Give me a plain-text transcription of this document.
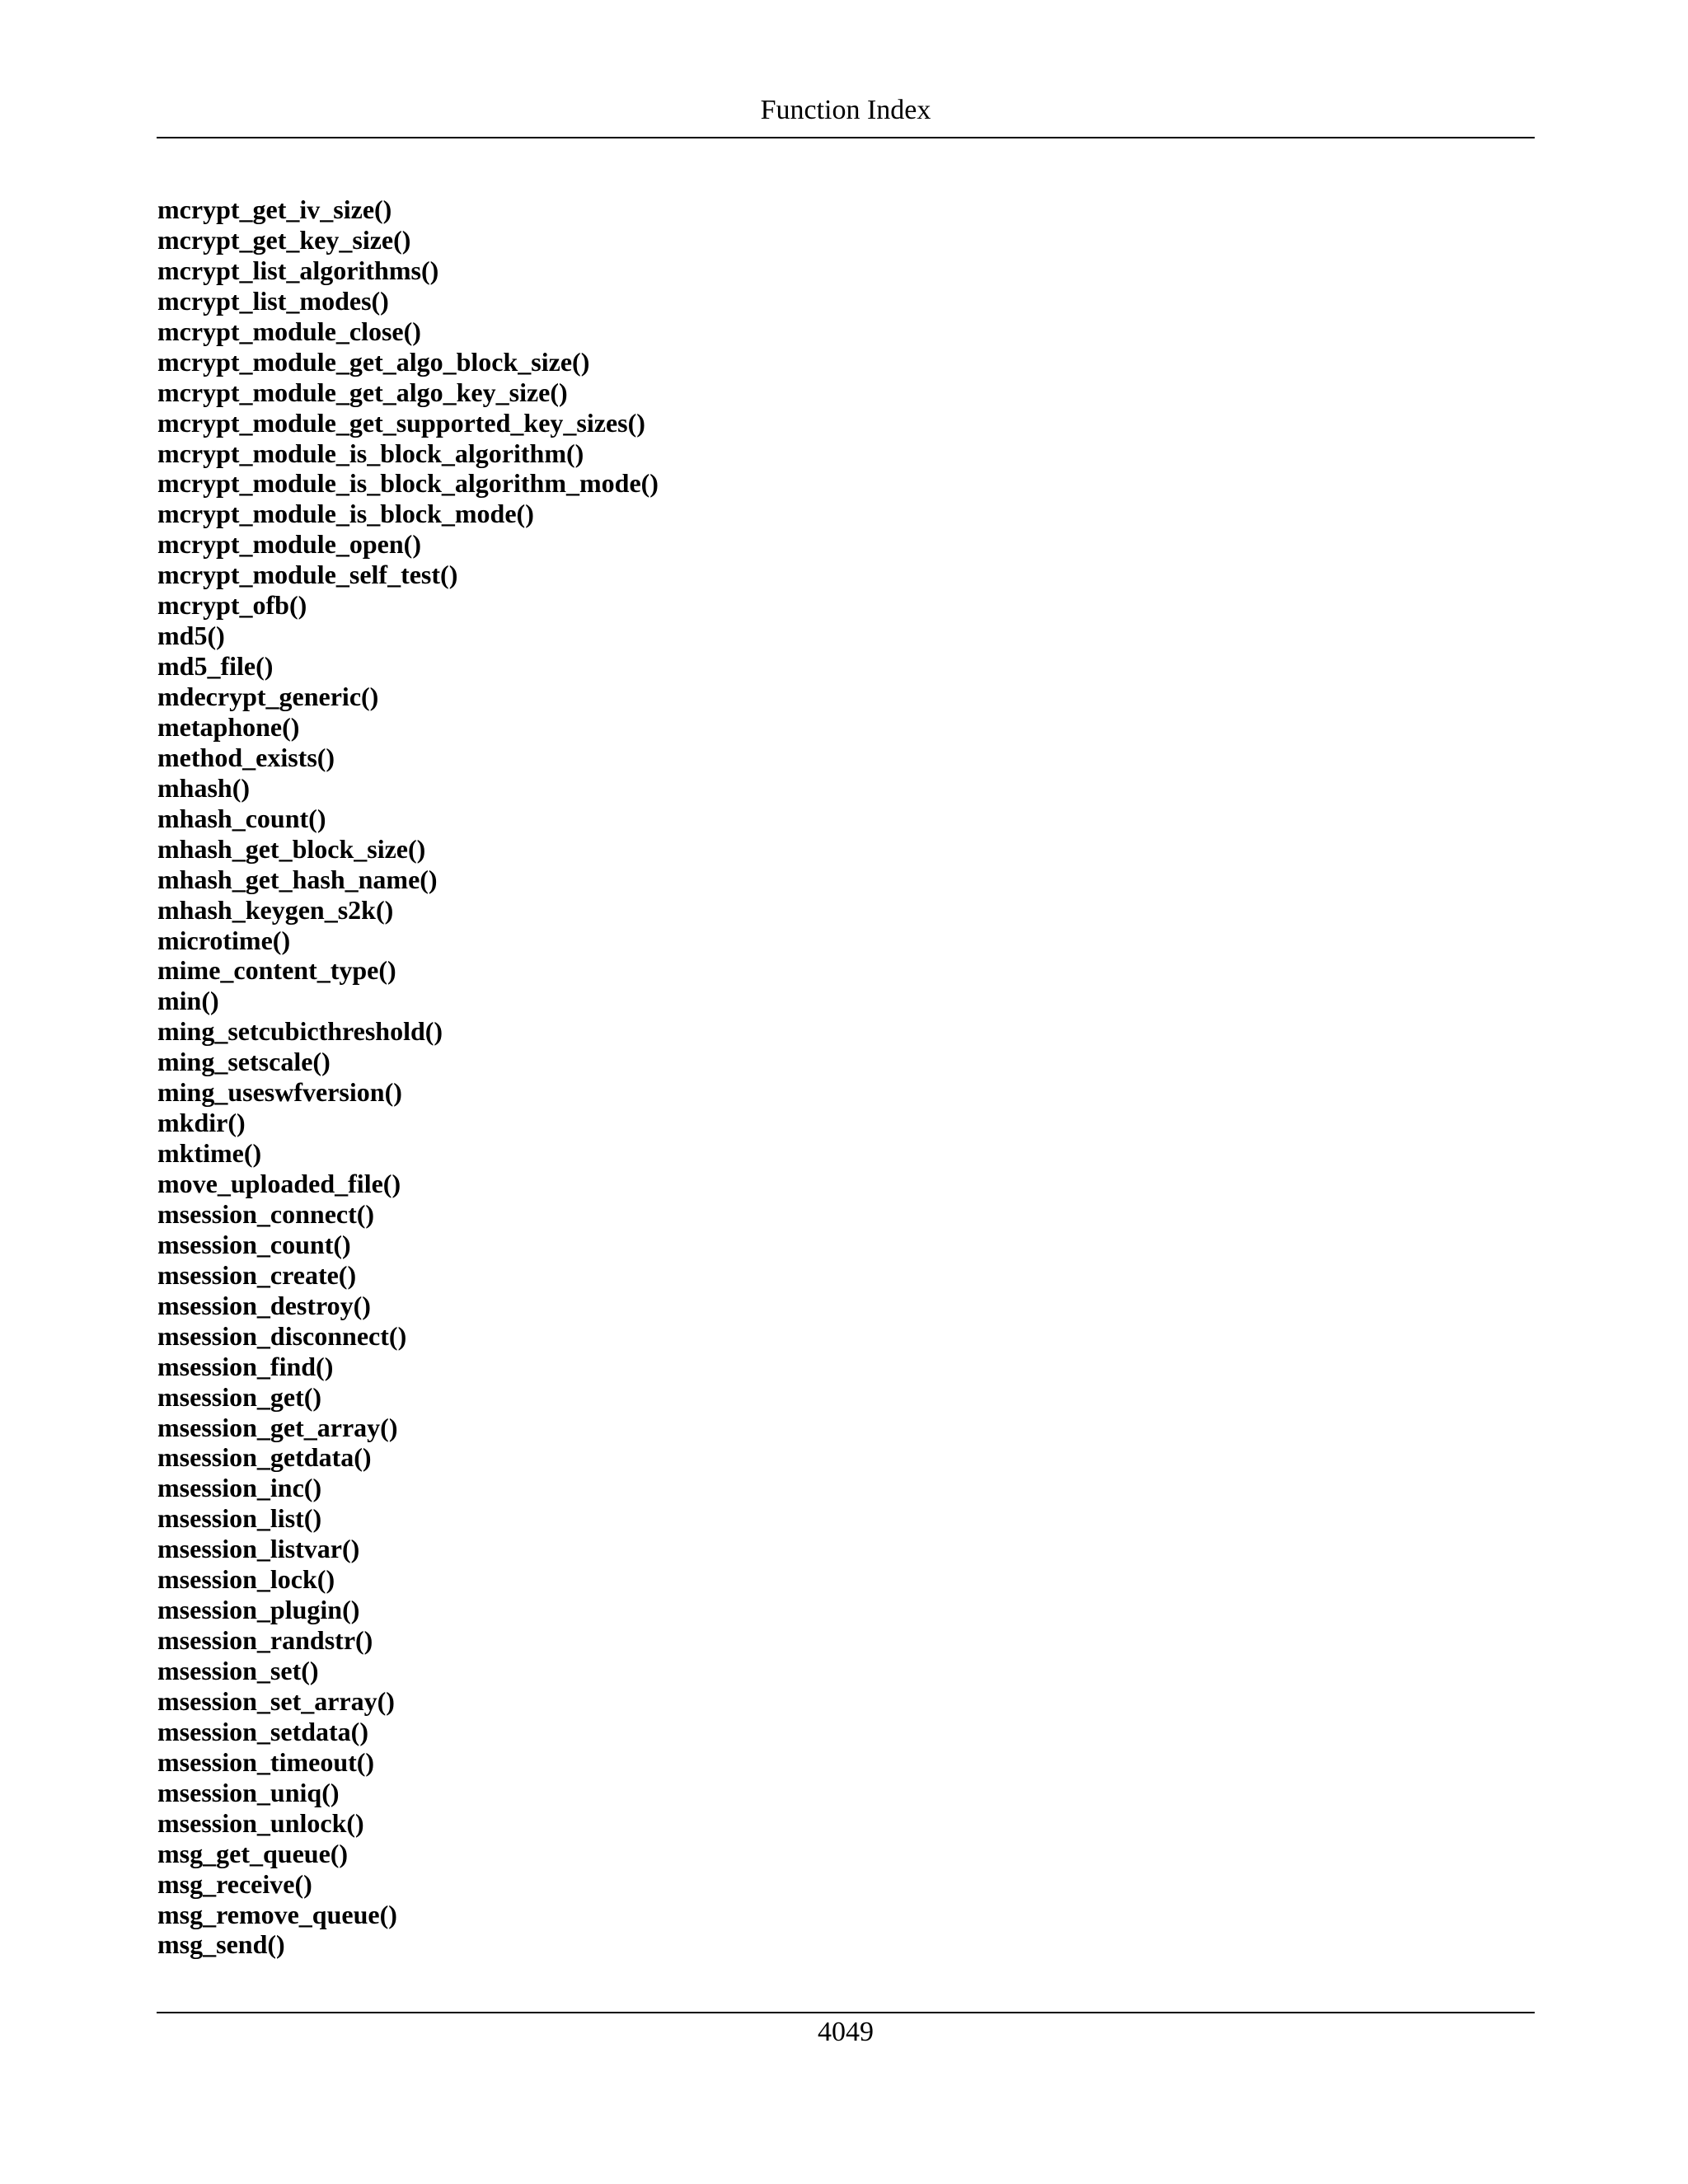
Function Index
mcrypt_get_iv_size()
mcrypt_get_key_size()
mcrypt_list_algorithms()
mcrypt_list_modes()
mcrypt_module_close()
mcrypt_module_get_algo_block_size()
mcrypt_module_get_algo_key_size()
mcrypt_module_get_supported_key_sizes()
mcrypt_module_is_block_algorithm()
mcrypt_module_is_block_algorithm_mode()
mcrypt_module_is_block_mode()
mcrypt_module_open()
mcrypt_module_self_test()
mcrypt_ofb()
md5()
md5_file()
mdecrypt_generic()
metaphone()
method_exists()
mhash()
mhash_count()
mhash_get_block_size()
mhash_get_hash_name()
mhash_keygen_s2k()
microtime()
mime_content_type()
min()
ming_setcubicthreshold()
ming_setscale()
ming_useswfversion()
mkdir()
mktime()
move_uploaded_file()
msession_connect()
msession_count()
msession_create()
msession_destroy()
msession_disconnect()
msession_find()
msession_get()
msession_get_array()
msession_getdata()
msession_inc()
msession_list()
msession_listvar()
msession_lock()
msession_plugin()
msession_randstr()
msession_set()
msession_set_array()
msession_setdata()
msession_timeout()
msession_uniq()
msession_unlock()
msg_get_queue()
msg_receive()
msg_remove_queue()
msg_send()
4049
